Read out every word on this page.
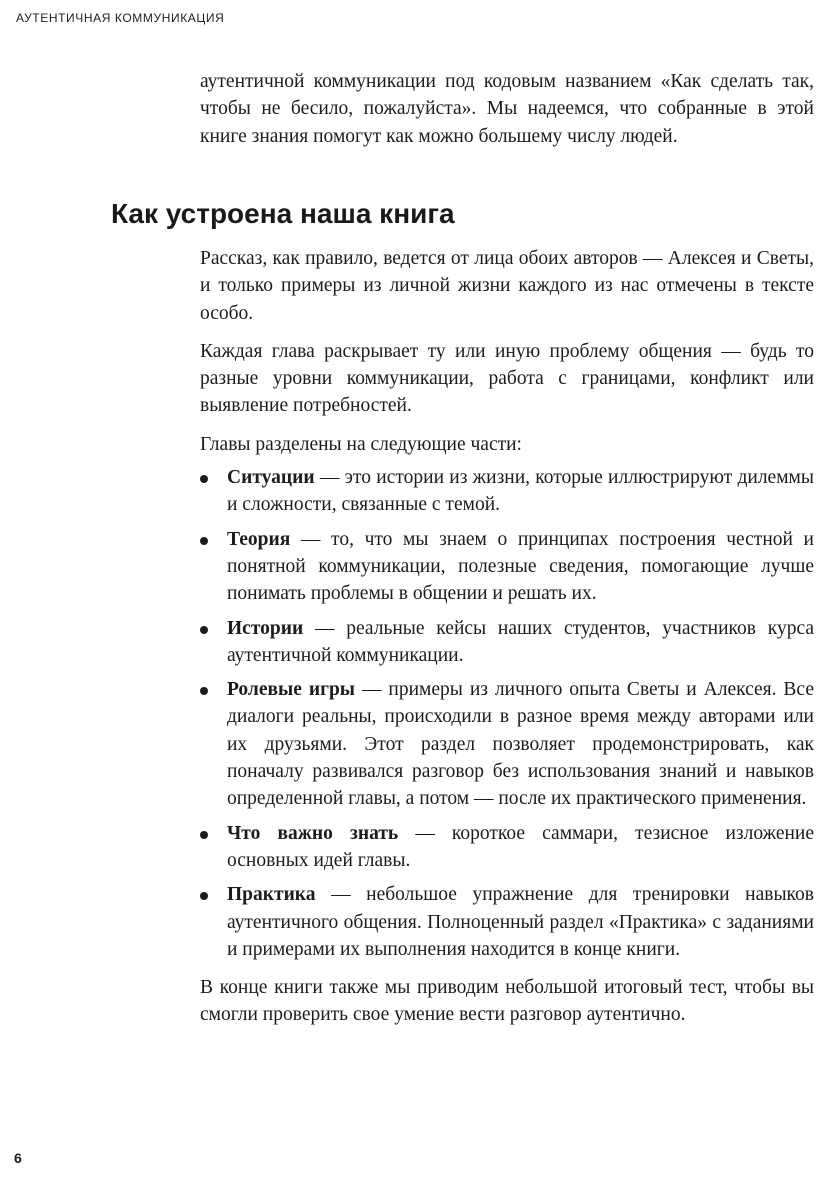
АУТЕНТИЧНАЯ КОММУНИКАЦИЯ

аутентичной коммуникации под кодовым названием «Как сделать так, чтобы не бесило, пожалуйста». Мы надеемся, что собранные в этой книге знания помогут как можно большему числу людей.

Как устроена наша книга

Рассказ, как правило, ведется от лица обоих авторов — Алексея и Светы, и только примеры из личной жизни каждого из нас отмечены в тексте особо.

Каждая глава раскрывает ту или иную проблему общения — будь то разные уровни коммуникации, работа с границами, конфликт или выявление потребностей.

Главы разделены на следующие части:

Ситуации — это истории из жизни, которые иллюстрируют дилеммы и сложности, связанные с темой.
Теория — то, что мы знаем о принципах построения честной и понятной коммуникации, полезные сведения, помогающие лучше понимать проблемы в общении и решать их.
Истории — реальные кейсы наших студентов, участников курса аутентичной коммуникации.
Ролевые игры — примеры из личного опыта Светы и Алексея. Все диалоги реальны, происходили в разное время между авторами или их друзьями. Этот раздел позволяет продемонстрировать, как поначалу развивался разговор без использования знаний и навыков определенной главы, а потом — после их практического применения.
Что важно знать — короткое саммари, тезисное изложение основных идей главы.
Практика — небольшое упражнение для тренировки навыков аутентичного общения. Полноценный раздел «Практика» с заданиями и примерами их выполнения находится в конце книги.

В конце книги также мы приводим небольшой итоговый тест, чтобы вы смогли проверить свое умение вести разговор аутентично.

6
